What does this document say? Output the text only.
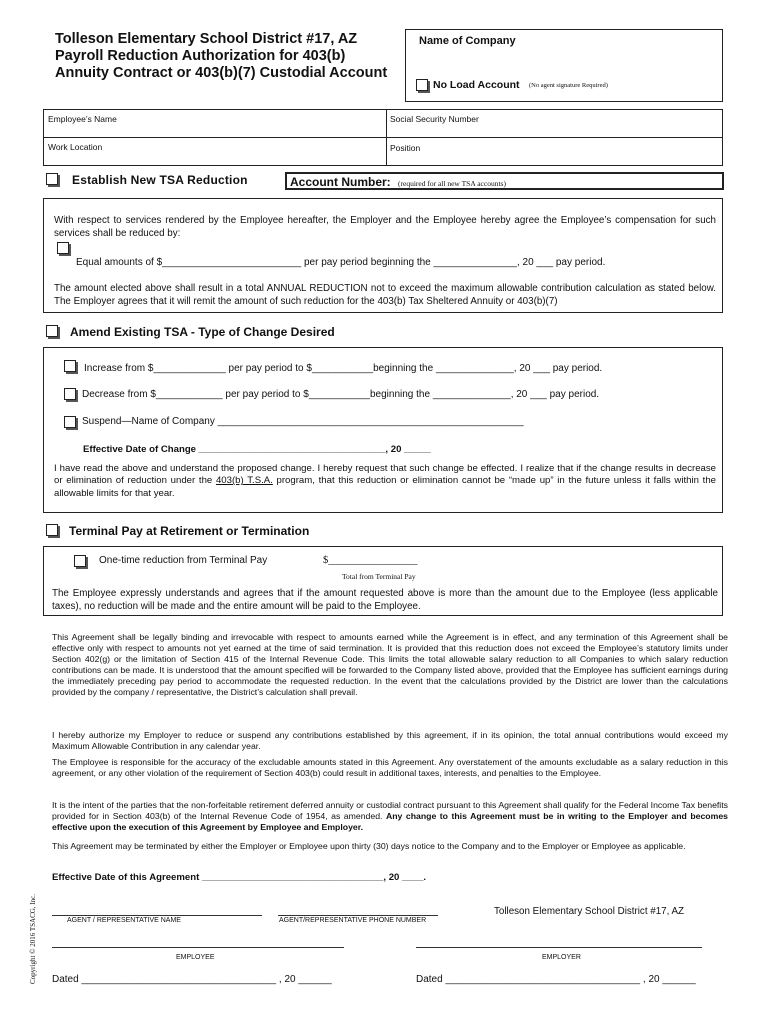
Tolleson Elementary School District #17, AZ
Payroll Reduction Authorization for 403(b)
Annuity Contract or 403(b)(7) Custodial Account
Name of Company
No Load Account (No agent signature Required)
Employee’s Name	Social Security Number
Work Location	Position
Establish New TSA Reduction	Account Number: (required for all new TSA accounts)
With respect to services rendered by the Employee hereafter, the Employer and the Employee hereby agree the Employee’s compensation for such services shall be reduced by:
Equal amounts of $_________________________ per pay period beginning the _______________, 20 ___ pay period.
The amount elected above shall result in a total ANNUAL REDUCTION not to exceed the maximum allowable contribution calculation as stated below. The Employer agrees that it will remit the amount of such reduction for the 403(b) Tax Sheltered Annuity or 403(b)(7)
Amend Existing TSA - Type of Change Desired
Increase from $_____________ per pay period to $___________beginning the ______________, 20 ___ pay period.
Decrease from $____________ per pay period to $___________beginning the ______________, 20 ___ pay period.
Suspend—Name of Company _______________________________________________________
Effective Date of Change ___________________________________, 20 _____
I have read the above and understand the proposed change. I hereby request that such change be effected. I realize that if the change results in decrease or elimination of reduction under the 403(b) T.S.A. program, that this reduction or elimination cannot be “made up” in the future unless it falls within the allowable limits for that year.
Terminal Pay at Retirement or Termination
One-time reduction from Terminal Pay	$_________________
Total from Terminal Pay
The Employee expressly understands and agrees that if the amount requested above is more than the amount due to the Employee (less applicable taxes), no reduction will be made and the entire amount will be paid to the Employee.
This Agreement shall be legally binding and irrevocable with respect to amounts earned while the Agreement is in effect, and any termination of this Agreement shall be effective only with respect to amounts not yet earned at the time of said termination. It is provided that this reduction does not exceed the Employee’s statutory limits under Section 402(g) or the limitation of Section 415 of the Internal Revenue Code. This limits the total allowable salary reduction to all Companies to which salary reduction contributions can be made. It is understood that the amount specified will be forwarded to the Company listed above, provided that the Employee has sufficient earnings during the immediately preceding pay period to accommodate the requested reduction. In the event that the calculations provided by the District are lower than the calculations provided by the company / representative, the District’s calculation shall prevail.
I hereby authorize my Employer to reduce or suspend any contributions established by this agreement, if in its opinion, the total annual contributions would exceed my Maximum Allowable Contribution in any calendar year.
The Employee is responsible for the accuracy of the excludable amounts stated in this Agreement. Any overstatement of the amounts excludable as a salary reduction in this agreement, or any other violation of the requirement of Section 403(b) could result in additional taxes, interests, and penalties to the Employee.
It is the intent of the parties that the non-forfeitable retirement deferred annuity or custodial contract pursuant to this Agreement shall qualify for the Federal Income Tax benefits provided for in Section 403(b) of the Internal Revenue Code of 1954, as amended. Any change to this Agreement must be in writing to the Employer and becomes effective upon the execution of this Agreement by Employee and Employer.
This Agreement may be terminated by either the Employer or Employee upon thirty (30) days notice to the Company and to the Employer or Employee as applicable.
Effective Date of this Agreement __________________________________, 20 ____.
AGENT / REPRESENTATIVE NAME	AGENT/REPRESENTATIVE PHONE NUMBER
Tolleson Elementary School District #17, AZ
EMPLOYEE	EMPLOYER
Dated ___________________________________ , 20 ______	Dated ___________________________________ , 20 ______
Copyright © 2016 TSACG, Inc.
